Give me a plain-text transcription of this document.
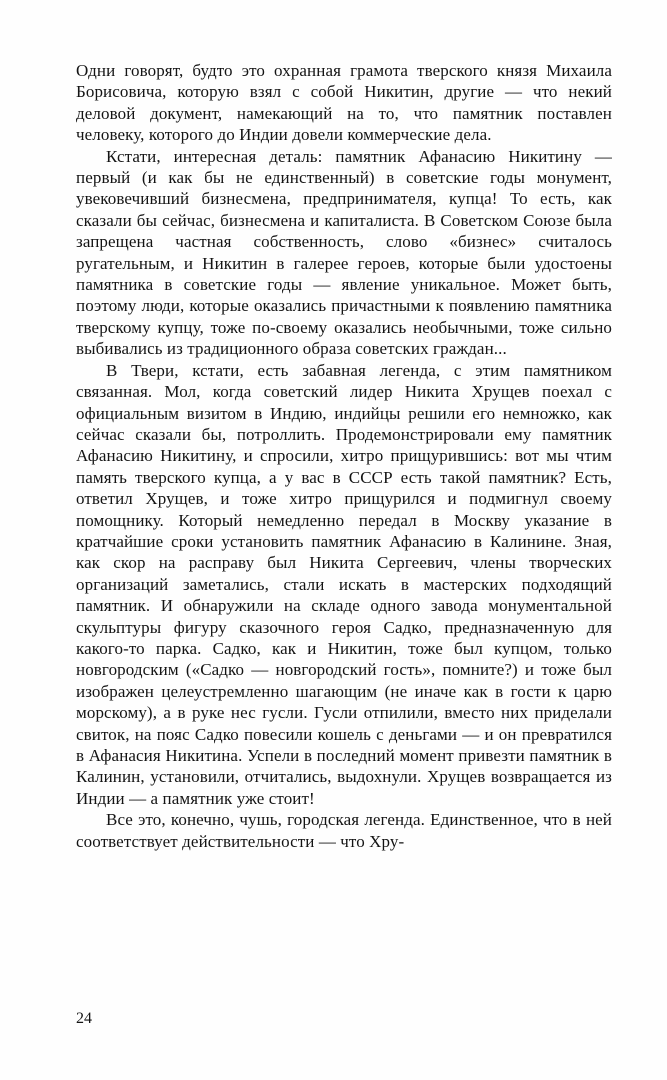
Одни говорят, будто это охранная грамота тверского князя Михаила Борисовича, которую взял с собой Никитин, другие — что некий деловой документ, намекающий на то, что памятник поставлен человеку, которого до Индии довели коммерческие дела.

Кстати, интересная деталь: памятник Афанасию Никитину — первый (и как бы не единственный) в советские годы монумент, увековечивший бизнесмена, предпринимателя, купца! То есть, как сказали бы сейчас, бизнесмена и капиталиста. В Советском Союзе была запрещена частная собственность, слово «бизнес» считалось ругательным, и Никитин в галерее героев, которые были удостоены памятника в советские годы — явление уникальное. Может быть, поэтому люди, которые оказались причастными к появлению памятника тверскому купцу, тоже по-своему оказались необычными, тоже сильно выбивались из традиционного образа советских граждан...

В Твери, кстати, есть забавная легенда, с этим памятником связанная. Мол, когда советский лидер Никита Хрущев поехал с официальным визитом в Индию, индийцы решили его немножко, как сейчас сказали бы, потроллить. Продемонстрировали ему памятник Афанасию Никитину, и спросили, хитро прищурившись: вот мы чтим память тверского купца, а у вас в СССР есть такой памятник? Есть, ответил Хрущев, и тоже хитро прищурился и подмигнул своему помощнику. Который немедленно передал в Москву указание в кратчайшие сроки установить памятник Афанасию в Калинине. Зная, как скор на расправу был Никита Сергеевич, члены творческих организаций заметались, стали искать в мастерских подходящий памятник. И обнаружили на складе одного завода монументальной скульптуры фигуру сказочного героя Садко, предназначенную для какого-то парка. Садко, как и Никитин, тоже был купцом, только новгородским («Садко — новгородский гость», помните?) и тоже был изображен целеустремленно шагающим (не иначе как в гости к царю морскому), а в руке нес гусли. Гусли отпилили, вместо них приделали свиток, на пояс Садко повесили кошель с деньгами — и он превратился в Афанасия Никитина. Успели в последний момент привезти памятник в Калинин, установили, отчитались, выдохнули. Хрущев возвращается из Индии — а памятник уже стоит!

Все это, конечно, чушь, городская легенда. Единственное, что в ней соответствует действительности — что Хру-

24
